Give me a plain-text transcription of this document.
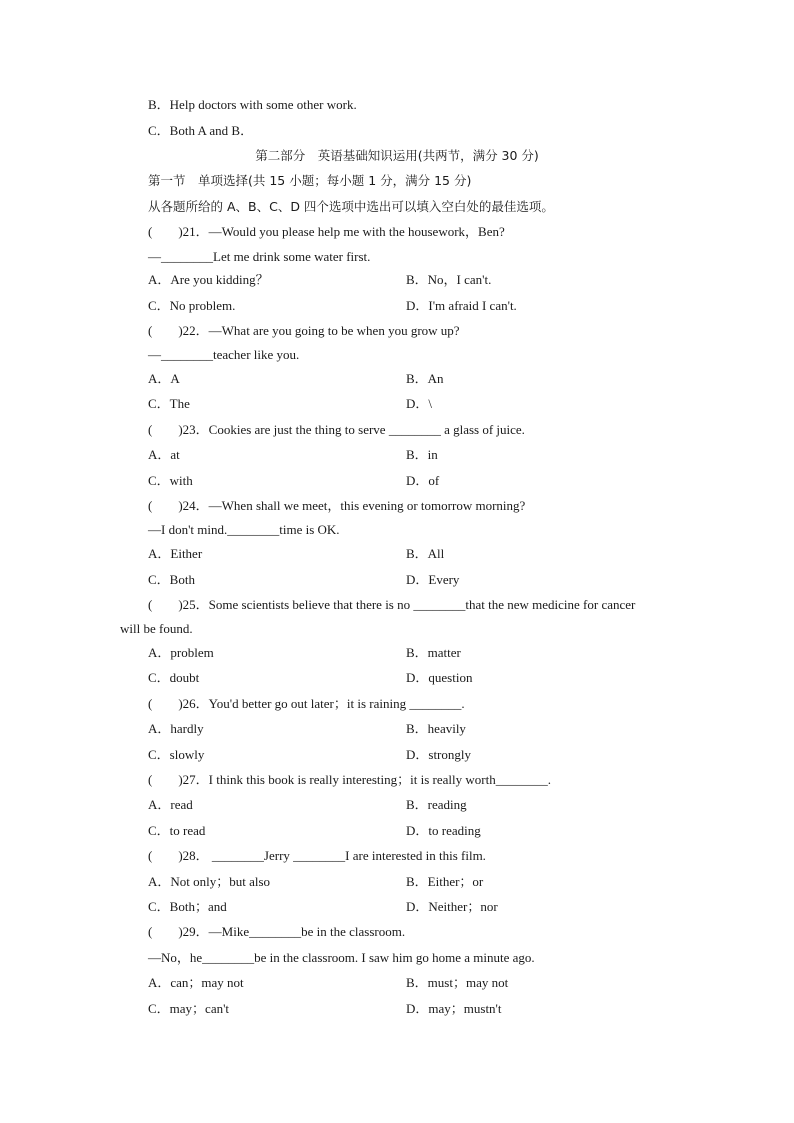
B．Help doctors with some other work.
C．Both A and B．
第二部分　英语基础知识运用(共两节，满分 30 分)
第一节　单项选择(共 15 小题；每小题 1 分，满分 15 分)
从各题所给的 A、B、C、D 四个选项中选出可以填入空白处的最佳选项。
(　　)21．—Would you please help me with the housework，Ben?
—________Let me drink some water first.
A．Are you kidding？	B．No，I can't.
C．No problem.	D．I'm afraid I can't.
(　　)22．—What are you going to be when you grow up?
—________teacher like you.
A．A	B．An
C．The	D．\
(　　)23．Cookies are just the thing to serve ________ a glass of juice.
A．at	B．in
C．with	D．of
(　　)24．—When shall we meet，this evening or tomorrow morning?
—I don't mind.________time is OK.
A．Either	B．All
C．Both	D．Every
(　　)25．Some scientists believe that there is no ________that the new medicine for cancer
will be found.
A．problem	B．matter
C．doubt	D．question
(　　)26．You'd better go out later；it is raining ________.
A．hardly	B．heavily
C．slowly	D．strongly
(　　)27．I think this book is really interesting；it is really worth________.
A．read	B．reading
C．to read	D．to reading
(　　)28． ________Jerry ________I are interested in this film.
A．Not only；but also	B．Either；or
C．Both；and	D．Neither；nor
(　　)29．—Mike________be in the classroom.
—No，he________be in the classroom. I saw him go home a minute ago.
A．can；may not	B．must；may not
C．may；can't	D．may；mustn't
